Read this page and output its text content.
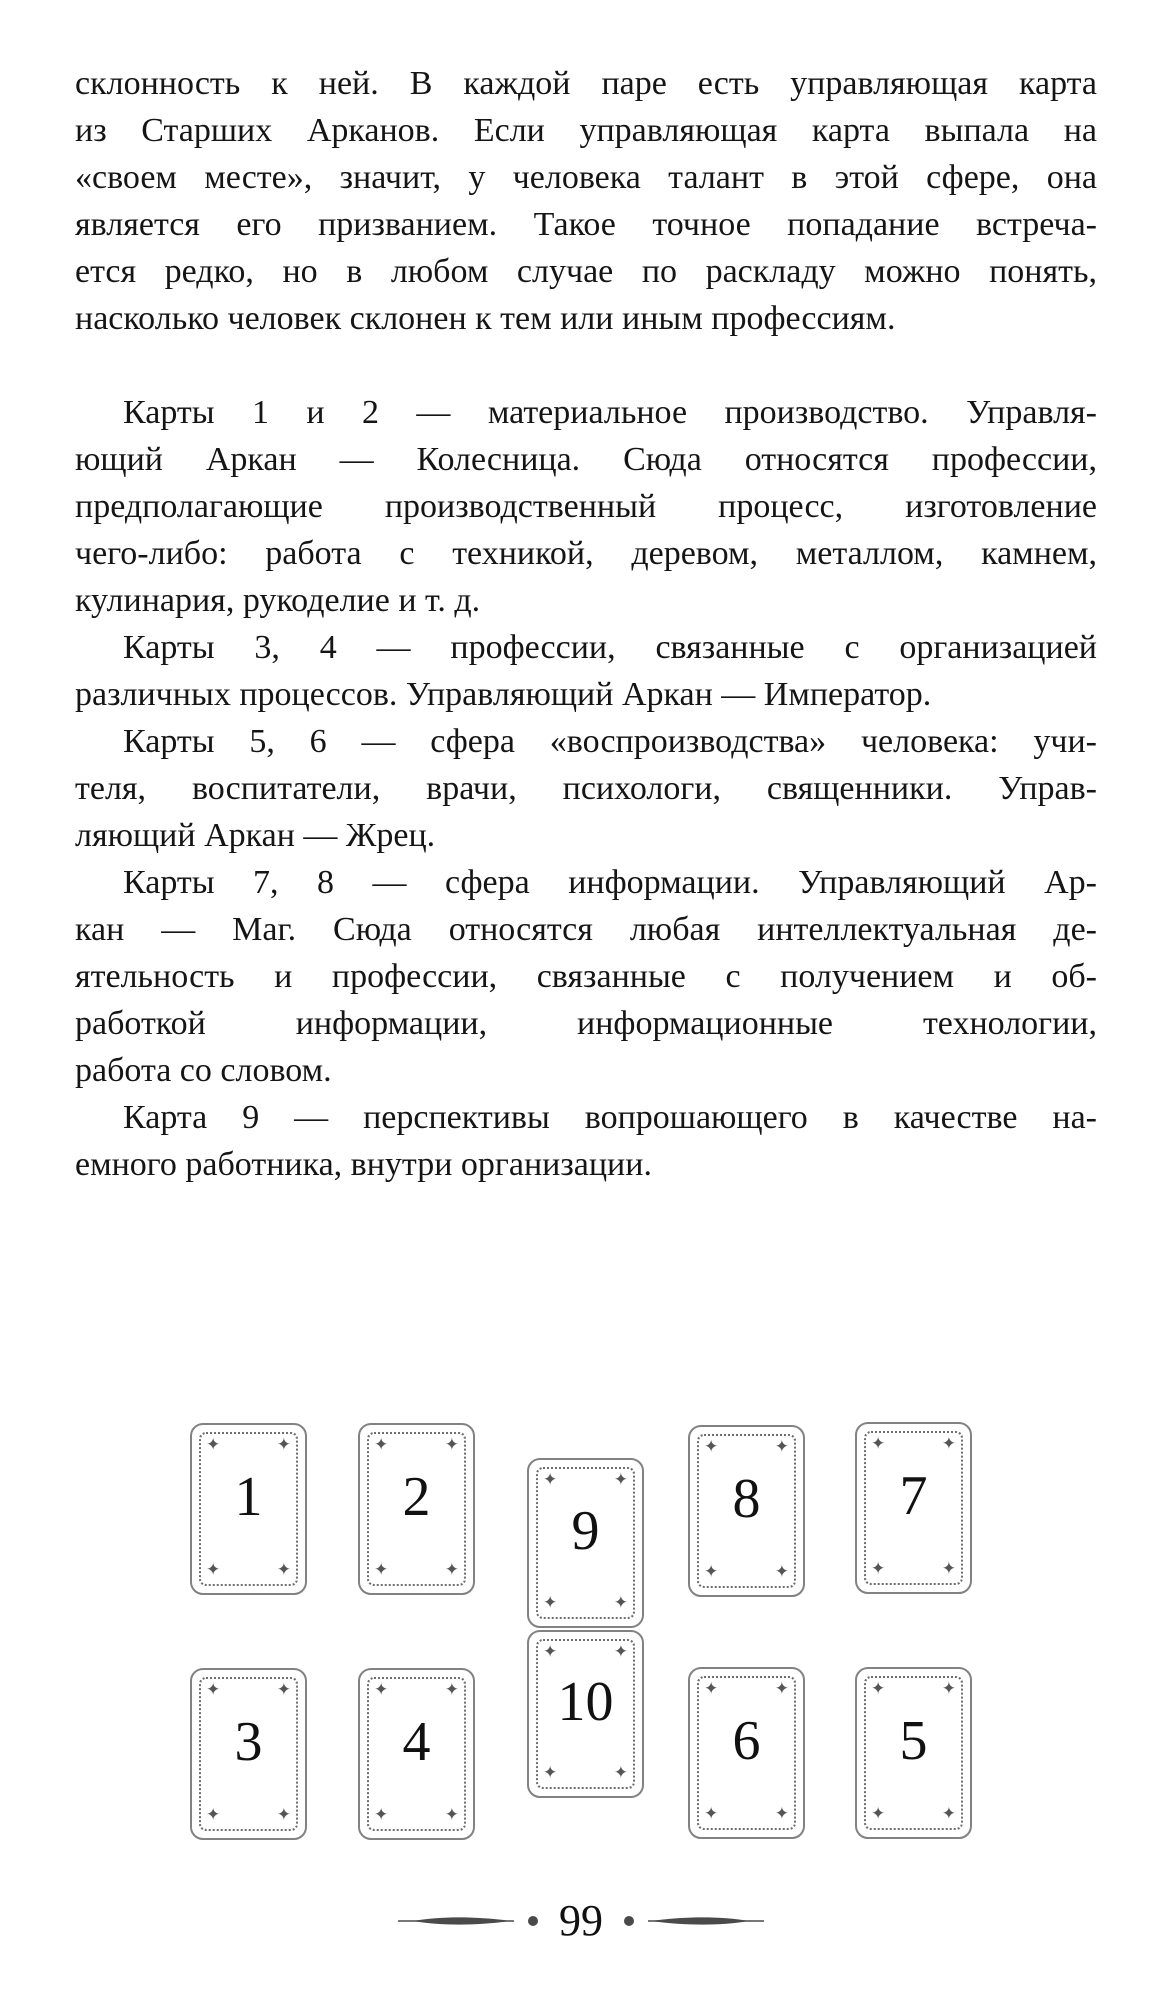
склонность к ней. В каждой паре есть управляющая карта
из Старших Арканов. Если управляющая карта выпала на
«своем месте», значит, у человека талант в этой сфере, она
является его призванием. Такое точное попадание встреча-
ется редко, но в любом случае по раскладу можно понять,
насколько человек склонен к тем или иным профессиям.
Карты 1 и 2 — материальное производство. Управля-
ющий Аркан — Колесница. Сюда относятся профессии,
предполагающие производственный процесс, изготовление
чего-либо: работа с техникой, деревом, металлом, камнем,
кулинария, рукоделие и т. д.
Карты 3, 4 — профессии, связанные с организацией
различных процессов. Управляющий Аркан — Император.
Карты 5, 6 — сфера «воспроизводства» человека: учи-
теля, воспитатели, врачи, психологи, священники. Управ-
ляющий Аркан — Жрец.
Карты 7, 8 — сфера информации. Управляющий Ар-
кан — Маг. Сюда относятся любая интеллектуальная де-
ятельность и профессии, связанные с получением и об-
работкой информации, информационные технологии,
работа со словом.
Карта 9 — перспективы вопрошающего в качестве на-
емного работника, внутри организации.
1
✦	✦
✦	✦
2
✦	✦
✦	✦
9
✦	✦
✦	✦
8
✦	✦
✦	✦
7
✦	✦
✦	✦
3
✦	✦
✦	✦
4
✦	✦
✦	✦
10
✦	✦
✦	✦
6
✦	✦
✦	✦
5
✦	✦
✦	✦
99
